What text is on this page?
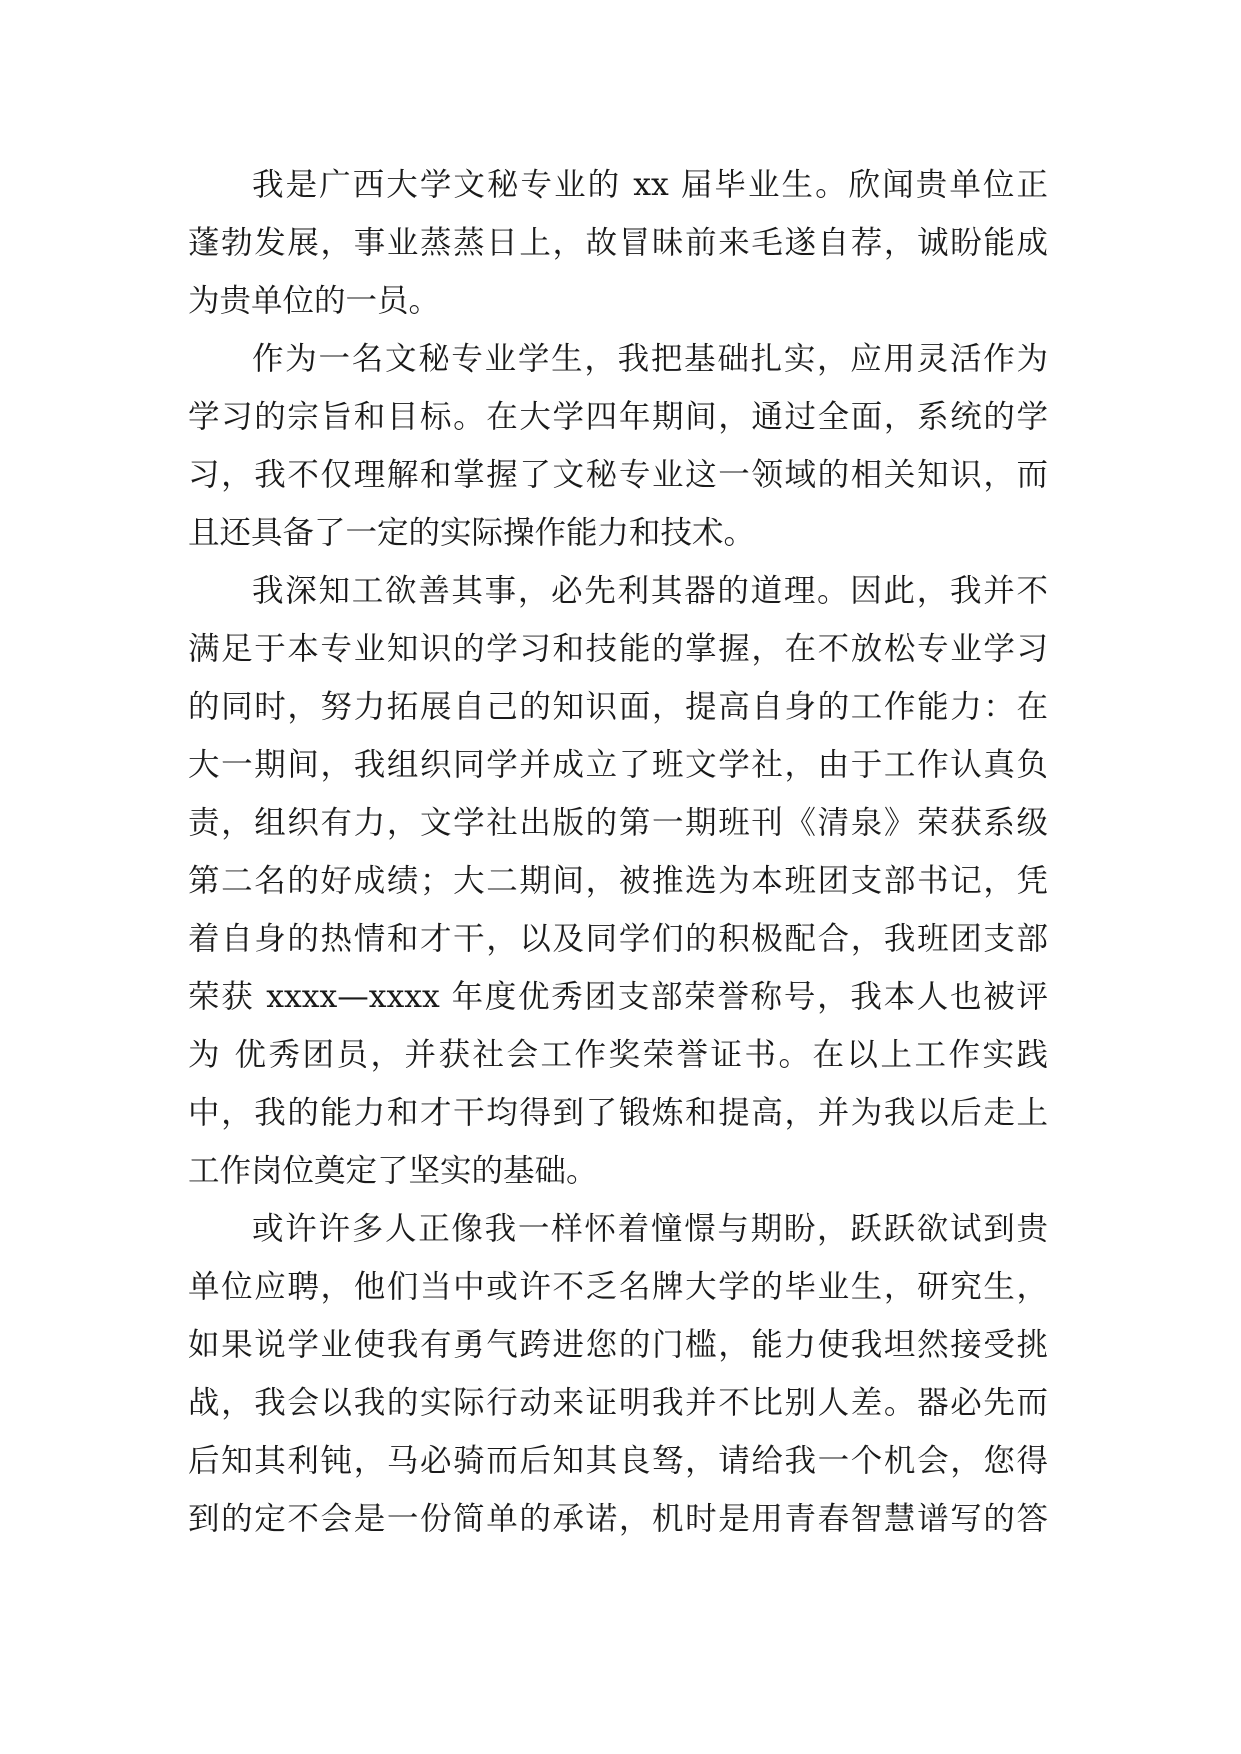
我是广西大学文秘专业的 xx 届毕业生。欣闻贵单位正
蓬勃发展，事业蒸蒸日上，故冒昧前来毛遂自荐，诚盼能成
为贵单位的一员。
作为一名文秘专业学生，我把基础扎实，应用灵活作为
学习的宗旨和目标。在大学四年期间，通过全面，系统的学
习，我不仅理解和掌握了文秘专业这一领域的相关知识，而
且还具备了一定的实际操作能力和技术。
我深知工欲善其事，必先利其器的道理。因此，我并不
满足于本专业知识的学习和技能的掌握，在不放松专业学习
的同时，努力拓展自己的知识面，提高自身的工作能力：在
大一期间，我组织同学并成立了班文学社，由于工作认真负
责，组织有力，文学社出版的第一期班刊《清泉》荣获系级
第二名的好成绩；大二期间，被推选为本班团支部书记，凭
着自身的热情和才干，以及同学们的积极配合，我班团支部
荣获 xxxx—xxxx 年度优秀团支部荣誉称号，我本人也被评
为 优秀团员，并获社会工作奖荣誉证书。在以上工作实践
中，我的能力和才干均得到了锻炼和提高，并为我以后走上
工作岗位奠定了坚实的基础。
或许许多人正像我一样怀着憧憬与期盼，跃跃欲试到贵
单位应聘，他们当中或许不乏名牌大学的毕业生，研究生，
如果说学业使我有勇气跨进您的门槛，能力使我坦然接受挑
战，我会以我的实际行动来证明我并不比别人差。器必先而
后知其利钝，马必骑而后知其良驽，请给我一个机会，您得
到的定不会是一份简单的承诺，机时是用青春智慧谱写的答
